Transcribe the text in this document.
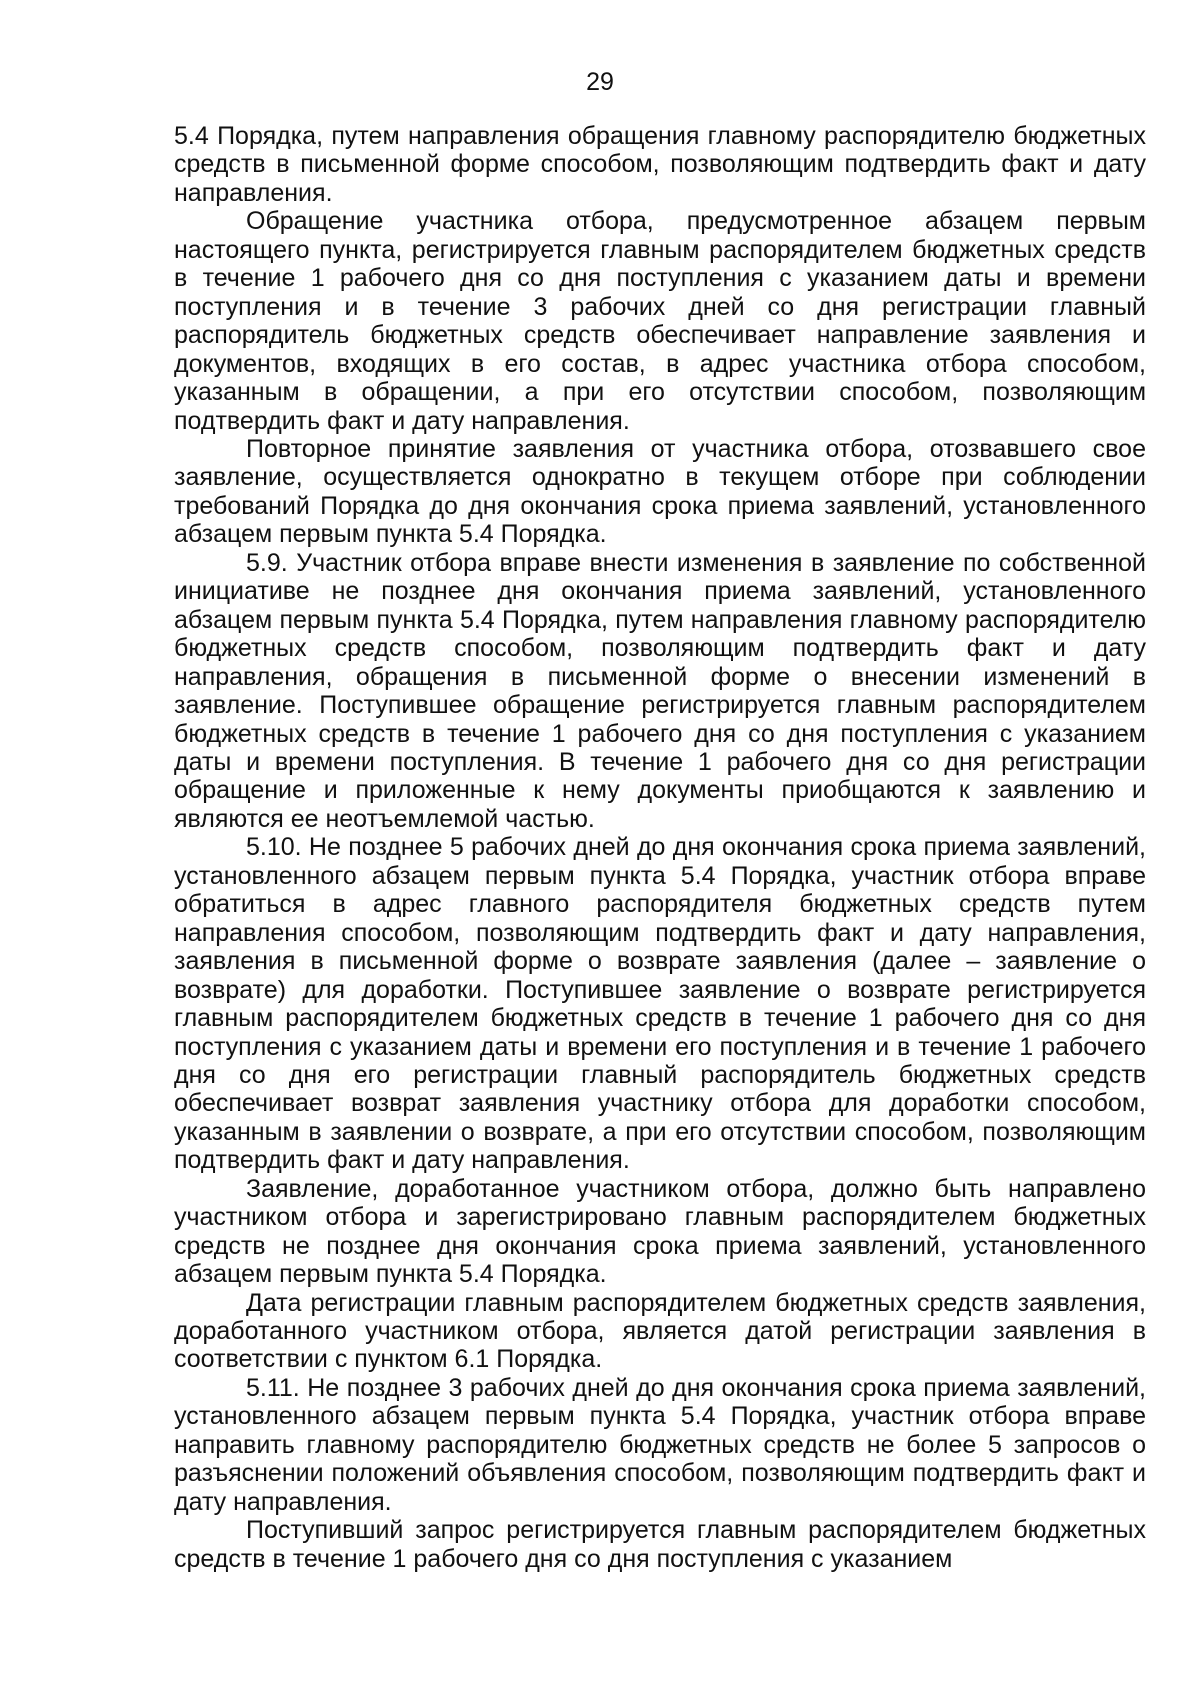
29

5.4 Порядка, путем направления обращения главному распорядителю бюджетных средств в письменной форме способом, позволяющим подтвердить факт и дату направления.

Обращение участника отбора, предусмотренное абзацем первым настоящего пункта, регистрируется главным распорядителем бюджетных средств в течение 1 рабочего дня со дня поступления с указанием даты и времени поступления и в течение 3 рабочих дней со дня регистрации главный распорядитель бюджетных средств обеспечивает направление заявления и документов, входящих в его состав, в адрес участника отбора способом, указанным в обращении, а при его отсутствии способом, позволяющим подтвердить факт и дату направления.

Повторное принятие заявления от участника отбора, отозвавшего свое заявление, осуществляется однократно в текущем отборе при соблюдении требований Порядка до дня окончания срока приема заявлений, установленного абзацем первым пункта 5.4 Порядка.

5.9. Участник отбора вправе внести изменения в заявление по собственной инициативе не позднее дня окончания приема заявлений, установленного абзацем первым пункта 5.4 Порядка, путем направления главному распорядителю бюджетных средств способом, позволяющим подтвердить факт и дату направления, обращения в письменной форме о внесении изменений в заявление. Поступившее обращение регистрируется главным распорядителем бюджетных средств в течение 1 рабочего дня со дня поступления с указанием даты и времени поступления. В течение 1 рабочего дня со дня регистрации обращение и приложенные к нему документы приобщаются к заявлению и являются ее неотъемлемой частью.

5.10. Не позднее 5 рабочих дней до дня окончания срока приема заявлений, установленного абзацем первым пункта 5.4 Порядка, участник отбора вправе обратиться в адрес главного распорядителя бюджетных средств путем направления способом, позволяющим подтвердить факт и дату направления, заявления в письменной форме о возврате заявления (далее – заявление о возврате) для доработки. Поступившее заявление о возврате регистрируется главным распорядителем бюджетных средств в течение 1 рабочего дня со дня поступления с указанием даты и времени его поступления и в течение 1 рабочего дня со дня его регистрации главный распорядитель бюджетных средств обеспечивает возврат заявления участнику отбора для доработки способом, указанным в заявлении о возврате, а при его отсутствии способом, позволяющим подтвердить факт и дату направления.

Заявление, доработанное участником отбора, должно быть направлено участником отбора и зарегистрировано главным распорядителем бюджетных средств не позднее дня окончания срока приема заявлений, установленного абзацем первым пункта 5.4 Порядка.

Дата регистрации главным распорядителем бюджетных средств заявления, доработанного участником отбора, является датой регистрации заявления в соответствии с пунктом 6.1 Порядка.

5.11. Не позднее 3 рабочих дней до дня окончания срока приема заявлений, установленного абзацем первым пункта 5.4 Порядка, участник отбора вправе направить главному распорядителю бюджетных средств не более 5 запросов о разъяснении положений объявления способом, позволяющим подтвердить факт и дату направления.

Поступивший запрос регистрируется главным распорядителем бюджетных средств в течение 1 рабочего дня со дня поступления с указанием
